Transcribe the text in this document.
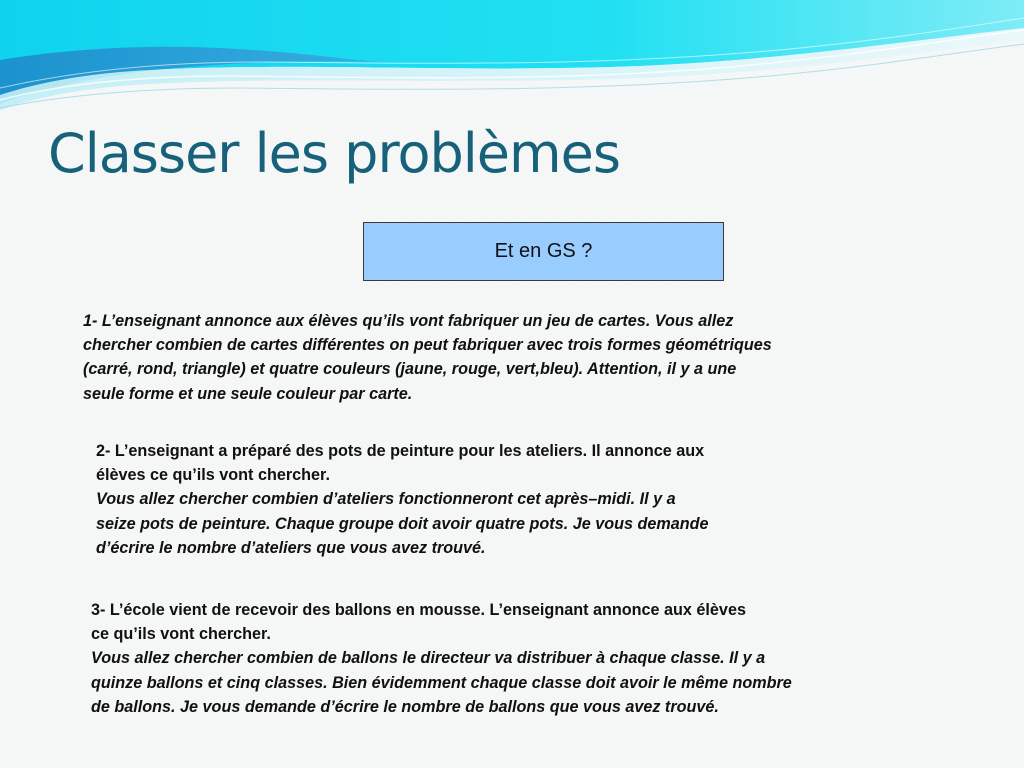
Classer les problèmes
Et en GS ?

1- L’enseignant annonce aux élèves qu’ils vont fabriquer un jeu de cartes. Vous allez
chercher combien de cartes différentes on peut fabriquer avec trois formes géométriques
(carré, rond, triangle) et quatre couleurs (jaune, rouge, vert,bleu). Attention, il y a une
seule forme et une seule couleur par carte.

2- L’enseignant a préparé des pots de peinture pour les ateliers. Il annonce aux
élèves ce qu’ils vont chercher.
Vous allez chercher combien d’ateliers fonctionneront cet après–midi. Il y a
seize pots de peinture. Chaque groupe doit avoir quatre pots. Je vous demande
d’écrire le nombre d’ateliers que vous avez trouvé.

3- L’école vient de recevoir des ballons en mousse. L’enseignant annonce aux élèves
ce qu’ils vont chercher.
Vous allez chercher combien de ballons le directeur va distribuer à chaque classe. Il y a
quinze ballons et cinq classes. Bien évidemment chaque classe doit avoir le même nombre
de ballons. Je vous demande d’écrire le nombre de ballons que vous avez trouvé.
